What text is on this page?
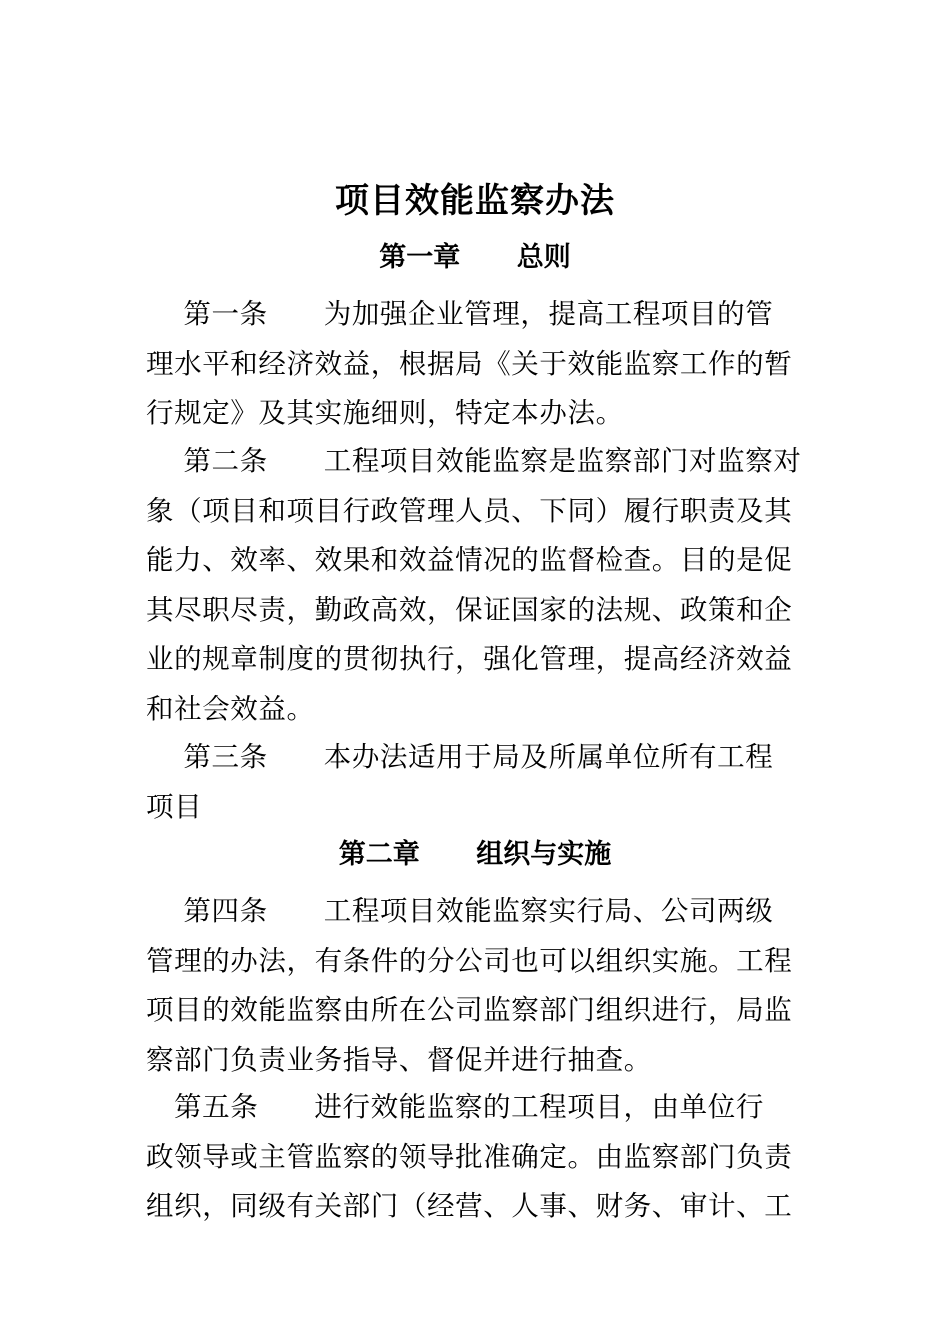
项目效能监察办法
第一章      总则
第一条      为加强企业管理，提高工程项目的管
理水平和经济效益，根据局《关于效能监察工作的暂
行规定》及其实施细则，特定本办法。
第二条      工程项目效能监察是监察部门对监察对
象（项目和项目行政管理人员、下同）履行职责及其
能力、效率、效果和效益情况的监督检查。目的是促
其尽职尽责，勤政高效，保证国家的法规、政策和企
业的规章制度的贯彻执行，强化管理，提高经济效益
和社会效益。
第三条      本办法适用于局及所属单位所有工程
项目
第二章      组织与实施
第四条      工程项目效能监察实行局、公司两级
管理的办法，有条件的分公司也可以组织实施。工程
项目的效能监察由所在公司监察部门组织进行，局监
察部门负责业务指导、督促并进行抽查。
第五条      进行效能监察的工程项目，由单位行
政领导或主管监察的领导批准确定。由监察部门负责
组织，同级有关部门（经营、人事、财务、审计、工
